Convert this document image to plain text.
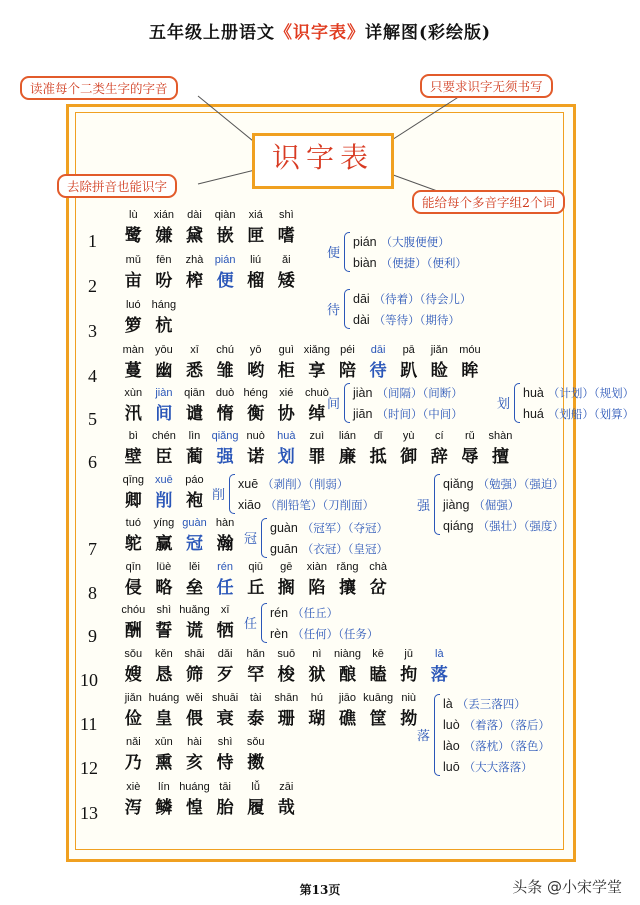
五年级上册语文《识字表》详解图(彩绘版)
读准每个二类生字的字音	只要求识字无须书写
去除拼音也能识字
能给每个多音字组2个词
识字表
1
lù
鹭
xián
嫌
dài
黛
qiàn
嵌
xiá
匣
shì
嗜
2
mǔ
亩
fēn
吩
zhà
榨
pián
便
liú
榴
ǎi
矮
3
luó
箩
háng
杭
4
màn
蔓
yōu
幽
xī
悉
chú
雏
yō
哟
guì
柜
xiǎng
享
péi
陪
dāi
待
pā
趴
jiǎn
睑
móu
眸
5
xùn
汛
jiàn
间
qiān
谴
duò
惰
héng
衡
xié
协
chuò
绰
6
bì
壁
chén
臣
lìn
蔺
qiǎng
强
nuò
诺
huà
划
zuì
罪
lián
廉
dǐ
抵
yù
御
cí
辞
rǔ
辱
shàn
擅
qīng
卿
xuē
削
páo
袍
7
tuó
鸵
yíng
赢
guàn
冠
hàn
瀚
8
qīn
侵
lüè
略
lěi
垒
rén
任
qiū
丘
gē
搁
xiàn
陷
rǎng
攘
chà
岔
9
chóu
酬
shì
誓
huǎng
谎
xī
牺
10
sǒu
嫂
kěn
恳
shāi
筛
dǎi
歹
hǎn
罕
suō
梭
nì
狱
niàng
酿
kē
瞌
jū
拘
là
落
11
jiǎn
俭
huáng
皇
wěi
偎
shuāi
衰
tài
泰
shān
珊
hú
瑚
jiāo
礁
kuāng
筐
niù
拗
12
nǎi
乃
xūn
熏
hài
亥
shì
恃
sǒu
擞
13
xiè
泻
lín
鳞
huáng
惶
tāi
胎
lǚ
履
zāi
哉
便
pián （大腹便便）
biàn （便捷）（便利）
待
dāi （待着）（待会儿）
dài （等待）（期待）
间
jiàn （间隔）（间断）
jiān （时间）（中间）
划
huà （计划）（规划）
huá （划船）（划算）
削
xuē （剥削）（削弱）
xiāo （削铅笔）（刀削面）	强
qiǎng （勉强）（强迫）
jiàng （倔强）
qiáng （强壮）（强度）
冠
guàn （冠军）（夺冠）
guān （衣冠）（皇冠）
任
rén （任丘）
rèn （任何）（任务）
落
là （丢三落四）
luò （着落）（落后）
lào （落枕）（落色）
luō （大大落落）
第13页	头条 @小宋学堂
